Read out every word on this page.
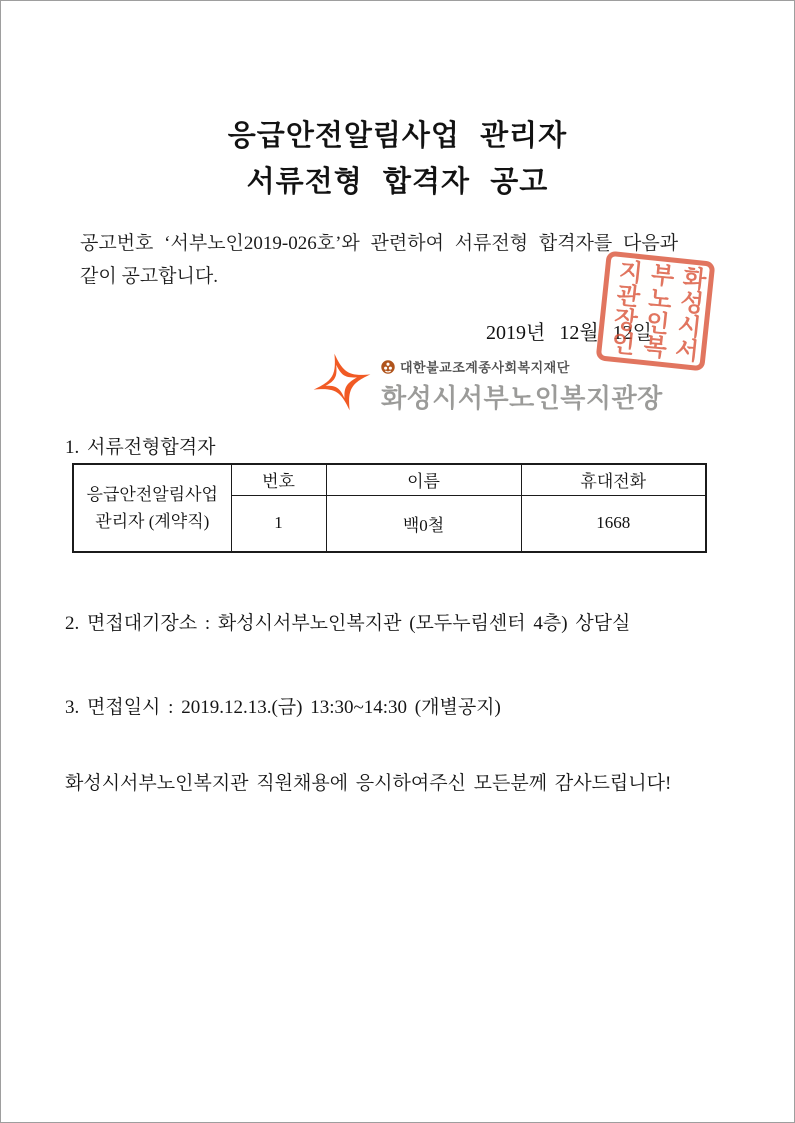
응급안전알림사업 관리자
서류전형 합격자 공고

공고번호 ‘서부노인2019-026호’와 관련하여 서류전형 합격자를 다음과
같이 공고합니다.

2019년 12월 12일 화성시서부노인복지관장인
대한불교조계종사회복지재단
화성시서부노인복지관장
1. 서류전형합격자
응급안전알림사업
관리자 (계약직)	번호	이름	휴대전화
	1	백0철	1668
2. 면접대기장소 : 화성시서부노인복지관 (모두누림센터 4층) 상담실
3. 면접일시 : 2019.12.13.(금) 13:30~14:30 (개별공지)
화성시서부노인복지관 직원채용에 응시하여주신 모든분께 감사드립니다!
